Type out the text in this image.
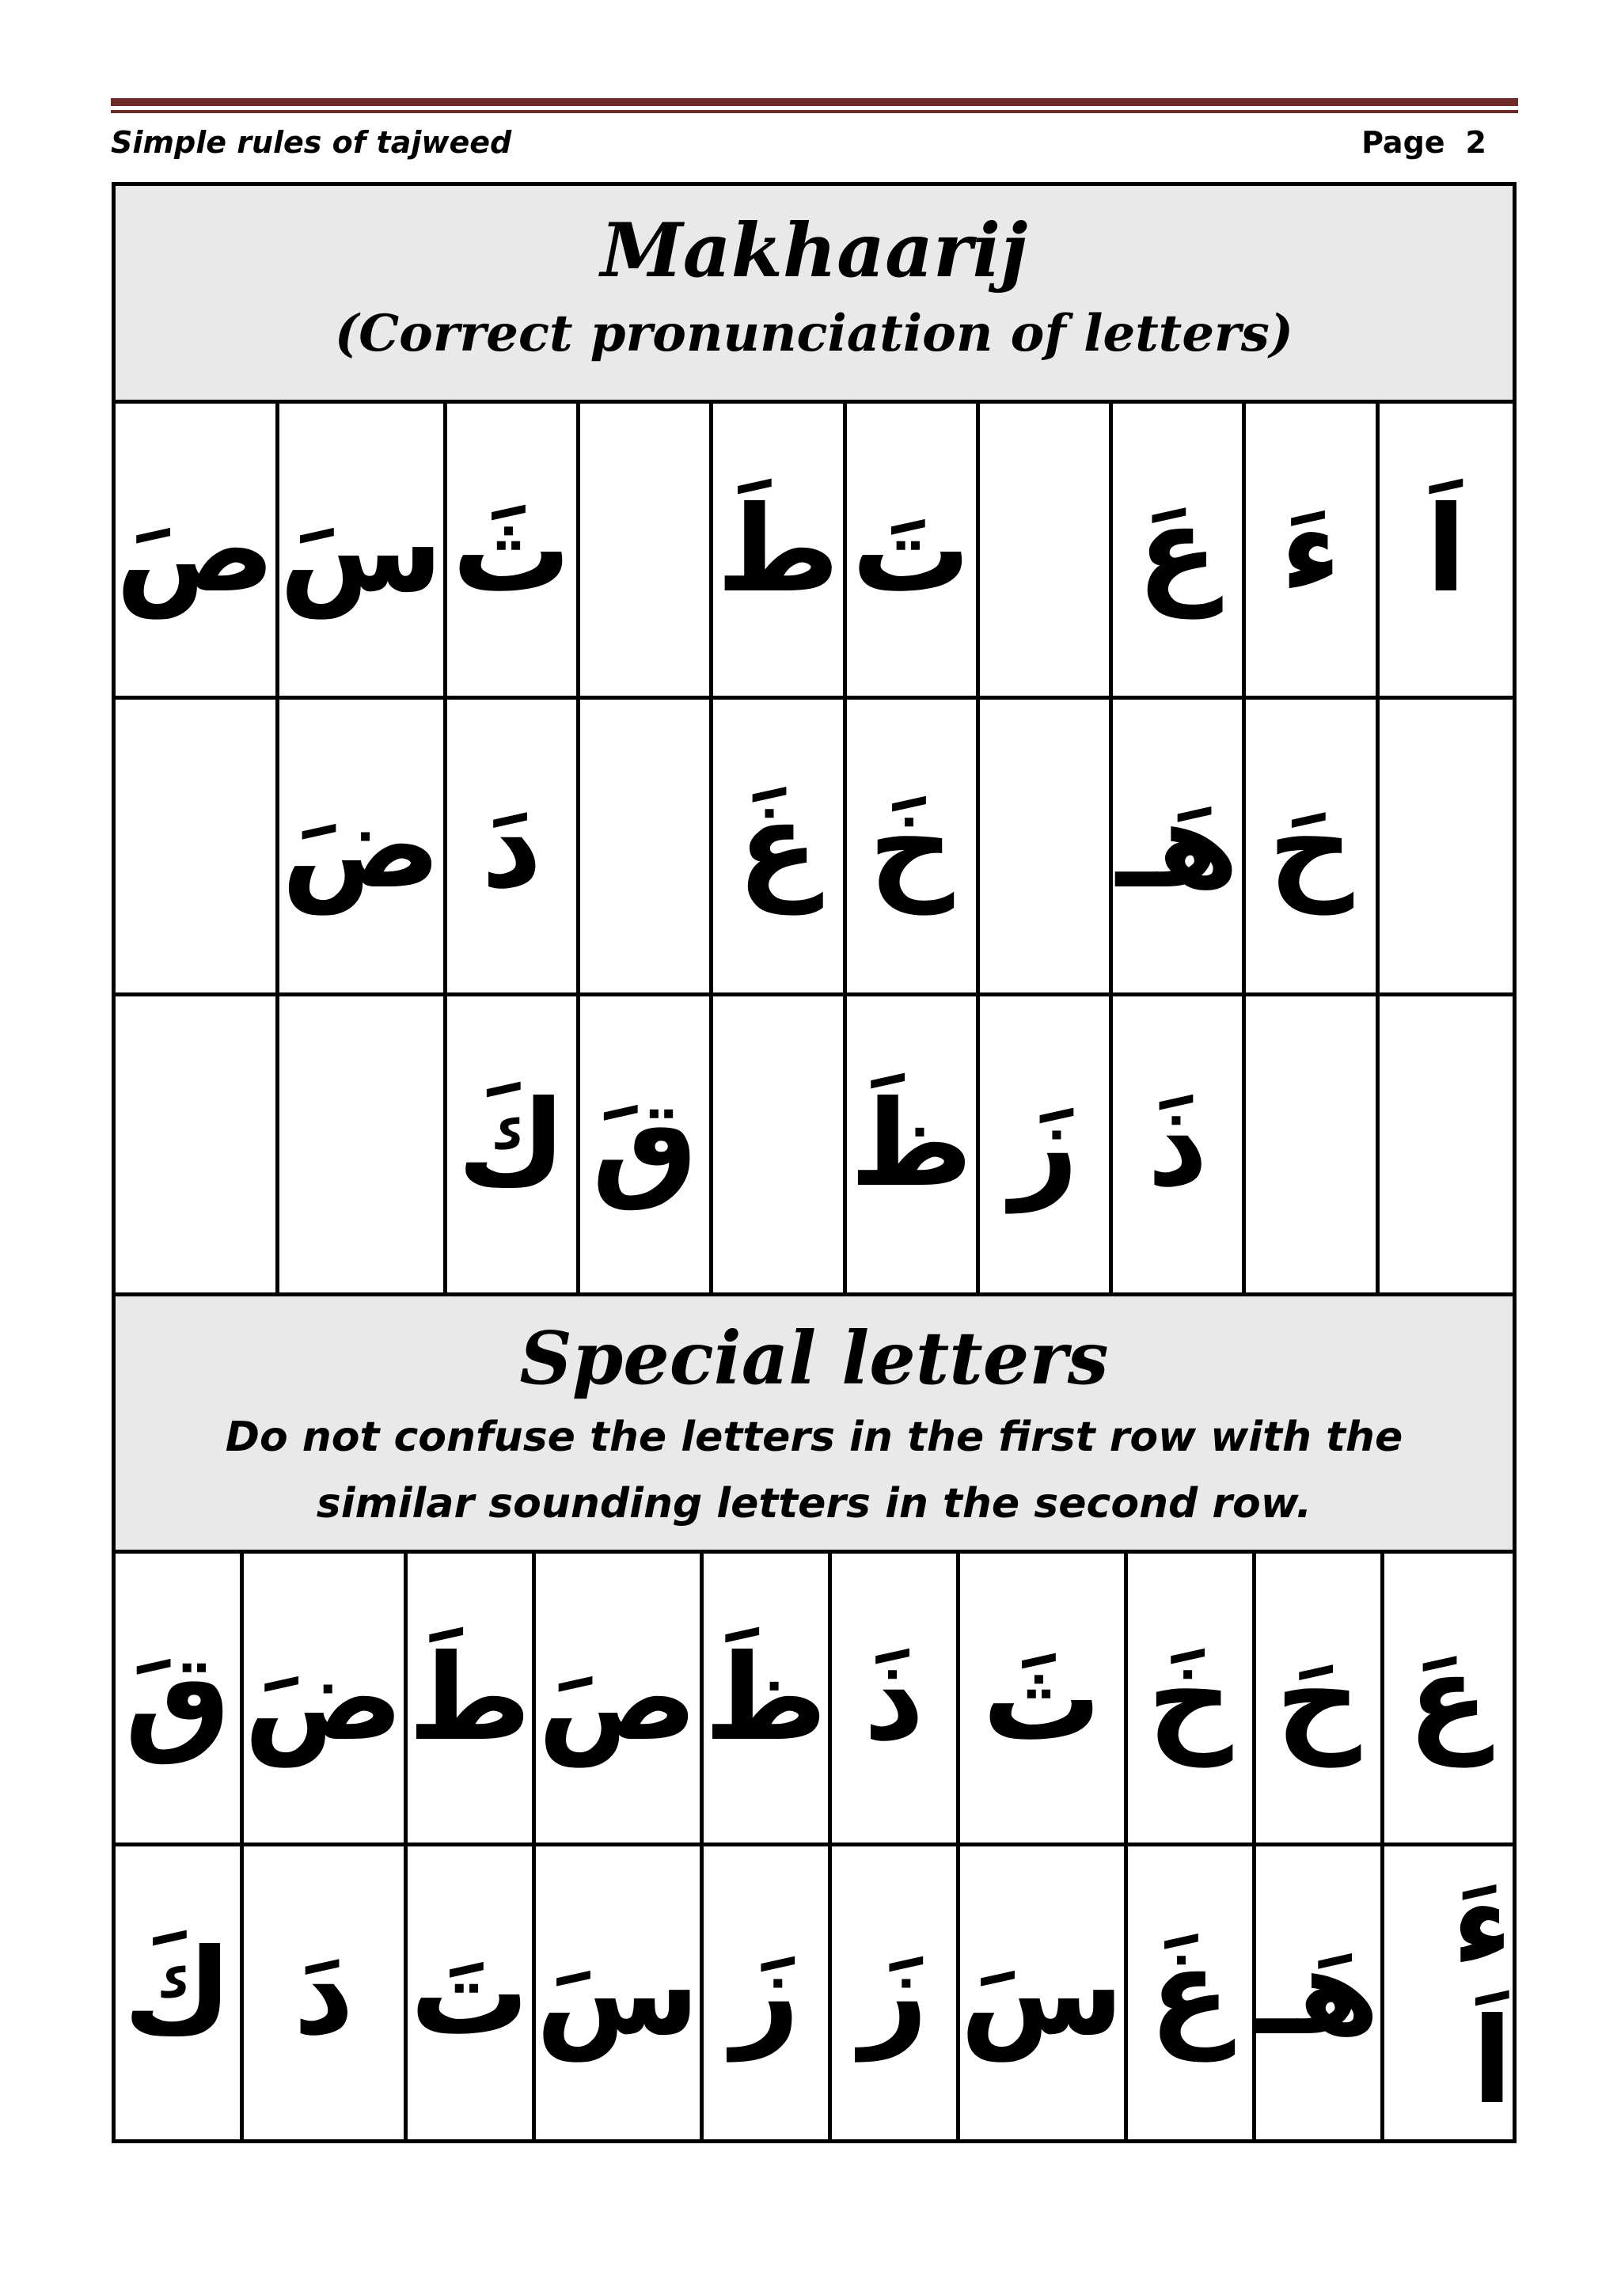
Simple rules of tajweed	Page 2
Makhaarij
(Correct pronunciation of letters)
صَ سَ ثَ طَ تَ عَ ءَ اَ
ضَ دَ	غَ خَ هَـ حَ
كَ قَ ظَ زَ ذَ
Special letters
Do not confuse the letters in the first row with the similar sounding letters in the second row.
قَ ضَ طَ صَ ظَ ذَ ثَ خَ حَ عَ
كَ دَ تَ سَ زَ زَ سَ غَ هَـ ءَ اَ
